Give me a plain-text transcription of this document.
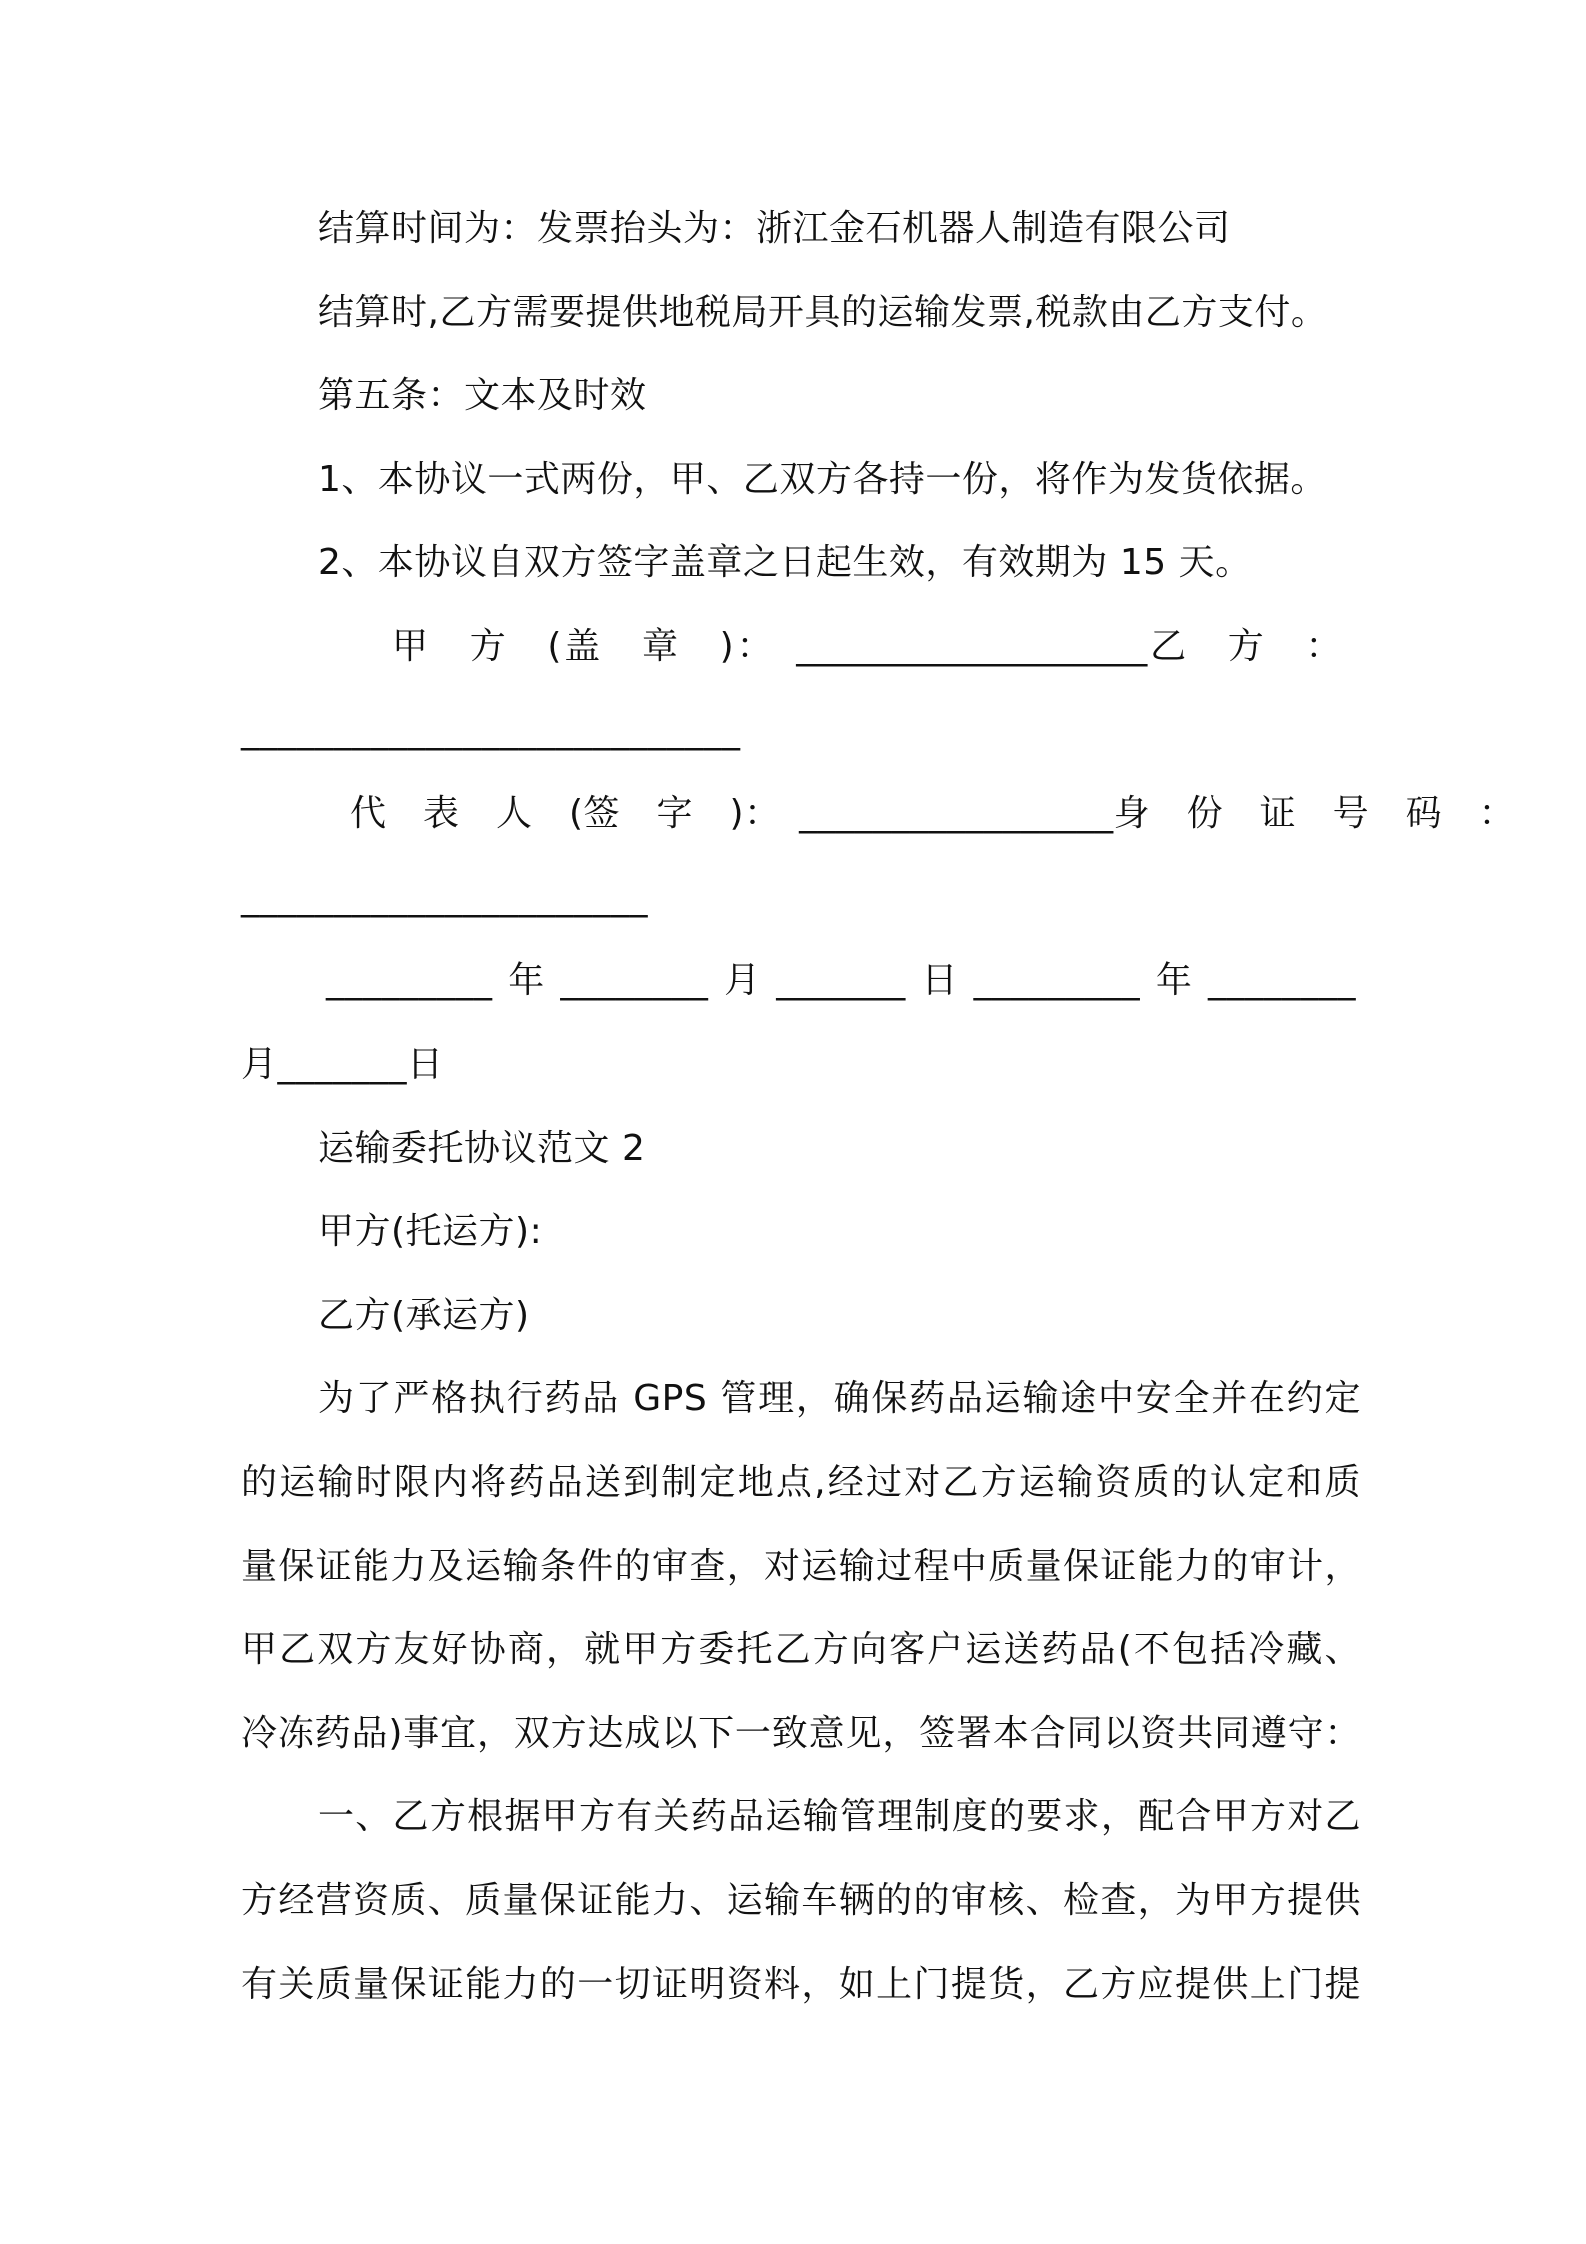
结算时间为：发票抬头为：浙江金石机器人制造有限公司
结算时,乙方需要提供地税局开具的运输发票,税款由乙方支付。
第五条：文本及时效
1、本协议一式两份，甲、乙双方各持一份，将作为发货依据。
2、本协议自双方签字盖章之日起生效，有效期为 15 天。
甲　方　(盖　章　)：　___________________乙　方　：
___________________________
代　表　人　(签　字　)：　_________________身　份　证　号　码　：
______________________
_________年________月_______日_________年________
月_______日
运输委托协议范文 2
甲方(托运方):
乙方(承运方)
为了严格执行药品 GPS 管理，确保药品运输途中安全并在约定
的运输时限内将药品送到制定地点,经过对乙方运输资质的认定和质
量保证能力及运输条件的审查，对运输过程中质量保证能力的审计，
甲乙双方友好协商，就甲方委托乙方向客户运送药品(不包括冷藏、
冷冻药品)事宜，双方达成以下一致意见，签署本合同以资共同遵守：
一、乙方根据甲方有关药品运输管理制度的要求，配合甲方对乙
方经营资质、质量保证能力、运输车辆的的审核、检查，为甲方提供
有关质量保证能力的一切证明资料，如上门提货，乙方应提供上门提
